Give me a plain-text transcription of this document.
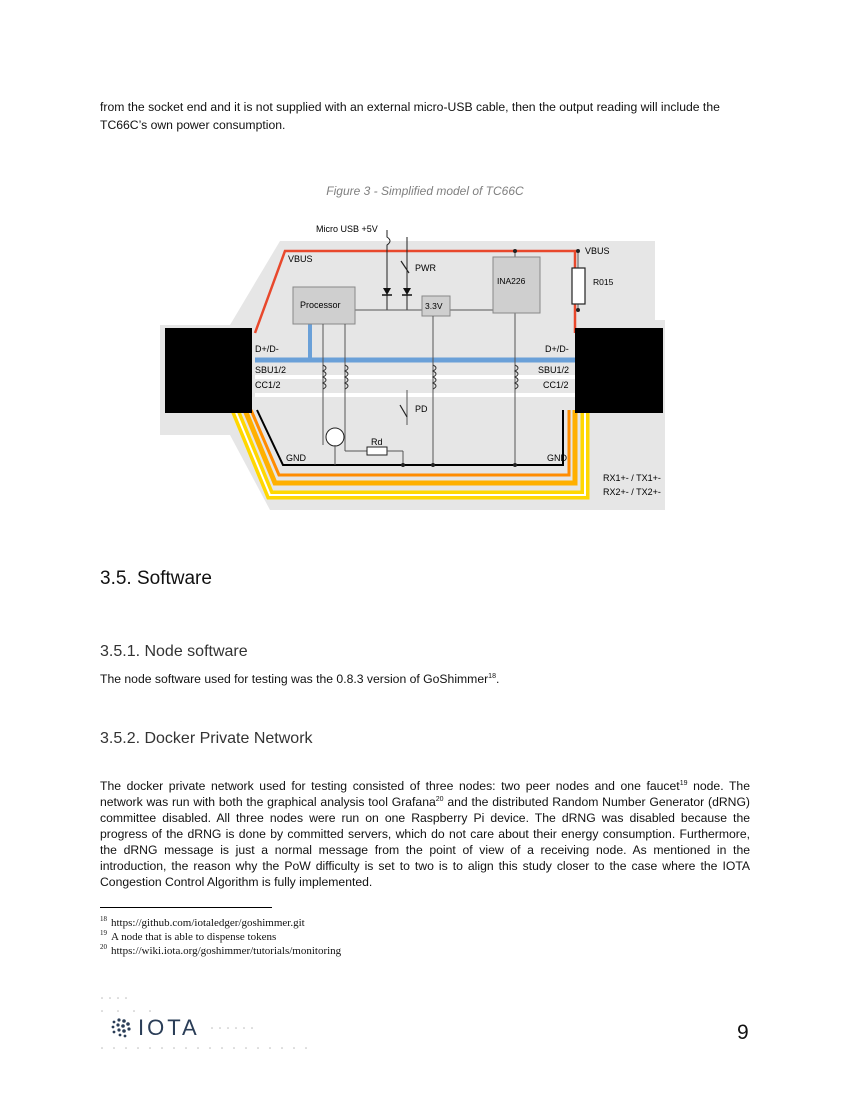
from the socket end and it is not supplied with an external micro-USB cable, then the output reading will include the

TC66C’s own power consumption.

Figure 3 - Simplified model of TC66C
Micro USB +5V
VBUS
VBUS
PWR
Processor	3.3V
INA226	R015
D+/D-	D+/D-
SBU1/2	SBU1/2
CC1/2	CC1/2
PD
Rd
GND	GND
RX1+- / TX1+-
RX2+- / TX2+-
3.5. Software
3.5.1. Node software

The node software used for testing was the 0.8.3 version of GoShimmer$^{18}$.

3.5.2. Docker Private Network

The docker private network used for testing consisted of three nodes: two peer nodes and one faucet$^{19}$ node. The network was run with both the graphical analysis tool Grafana$^{20}$ and the distributed Random Number Generator (dRNG) committee disabled. All three nodes were run on one Raspberry Pi device. The dRNG was disabled because the progress of the dRNG is done by committed servers, which do not care about their energy consumption. Furthermore, the dRNG message is just a normal message from the point of view of a receiving node. As mentioned in the introduction, the reason why the PoW difficulty is set to two is to align this study closer to the case where the IOTA Congestion Control Algorithm is fully implemented.

$^{18}$ https://github.com/iotaledger/goshimmer.git
$^{19}$ A node that is able to dispense tokens
$^{20}$ https://wiki.iota.org/goshimmer/tutorials/monitoring
IOTA	9
